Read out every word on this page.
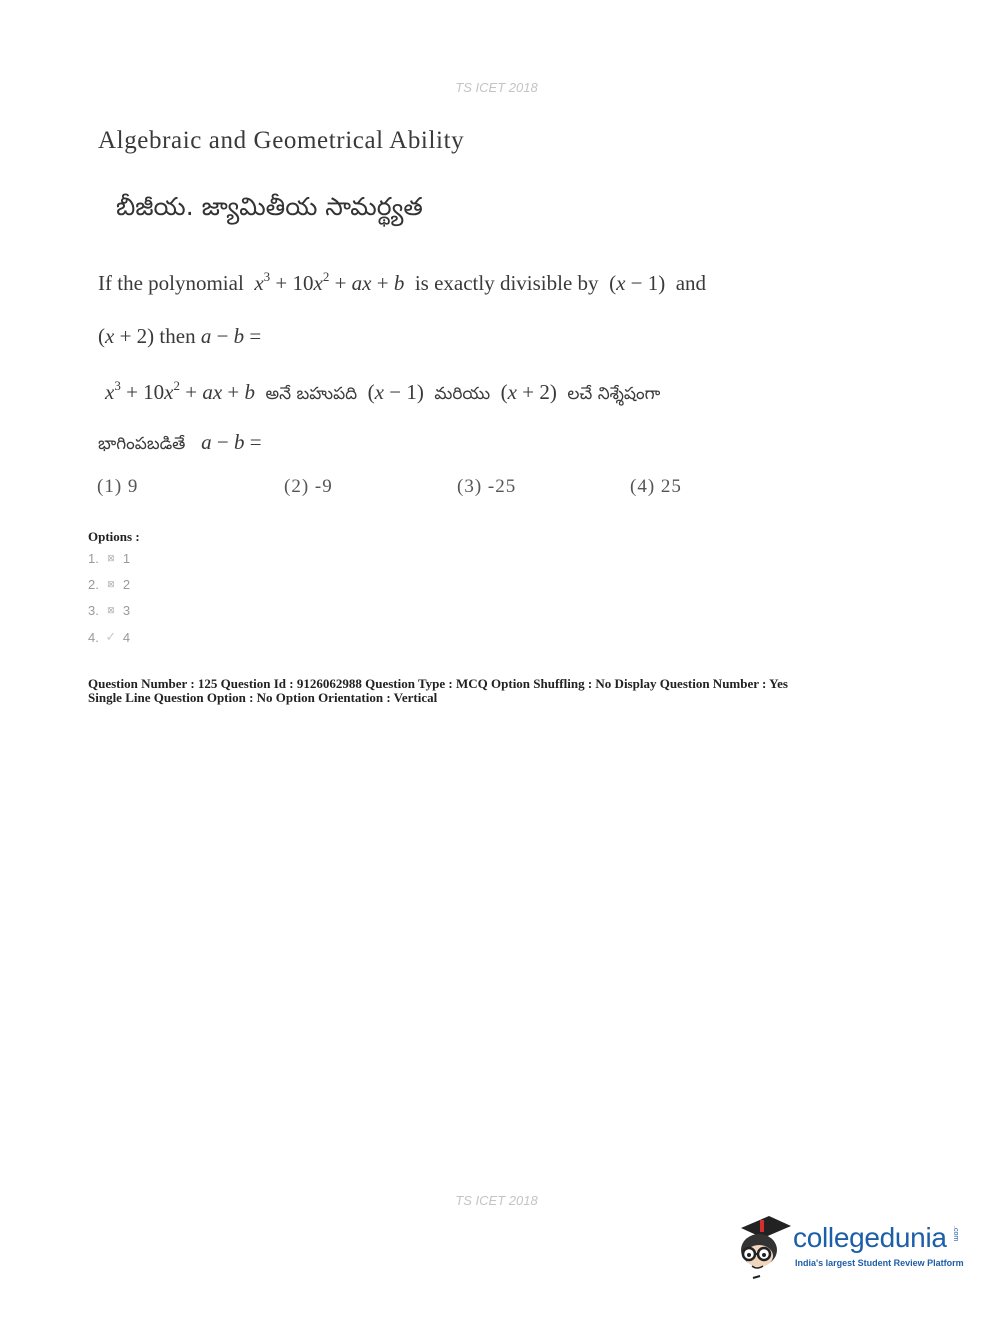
TS ICET 2018
Algebraic and Geometrical Ability
బీజీయ. జ్యామితీయ సామర్థ్యత
If the polynomial $x^3 + 10x^2$ + ax + b is exactly divisible by  (x − 1)  and
(x + 2) then a − b =
$x^3 + 10x^2$ + ax + b అనే బహుపది  (x − 1)  మరియు  (x + 2)  లచే నిశ్శేషంగా
భాగింపబడితే a − b =
(1) 9	(2) -9	(3) -25	(4) 25
Options :
1. ⊠ 1
2. ⊠ 2
3. ⊠ 3
4. ✓ 4
Question Number : 125 Question Id : 9126062988 Question Type : MCQ Option Shuffling : No Display Question Number : Yes
Single Line Question Option : No Option Orientation : Vertical
TS ICET 2018
collegedunia .com
India's largest Student Review Platform
